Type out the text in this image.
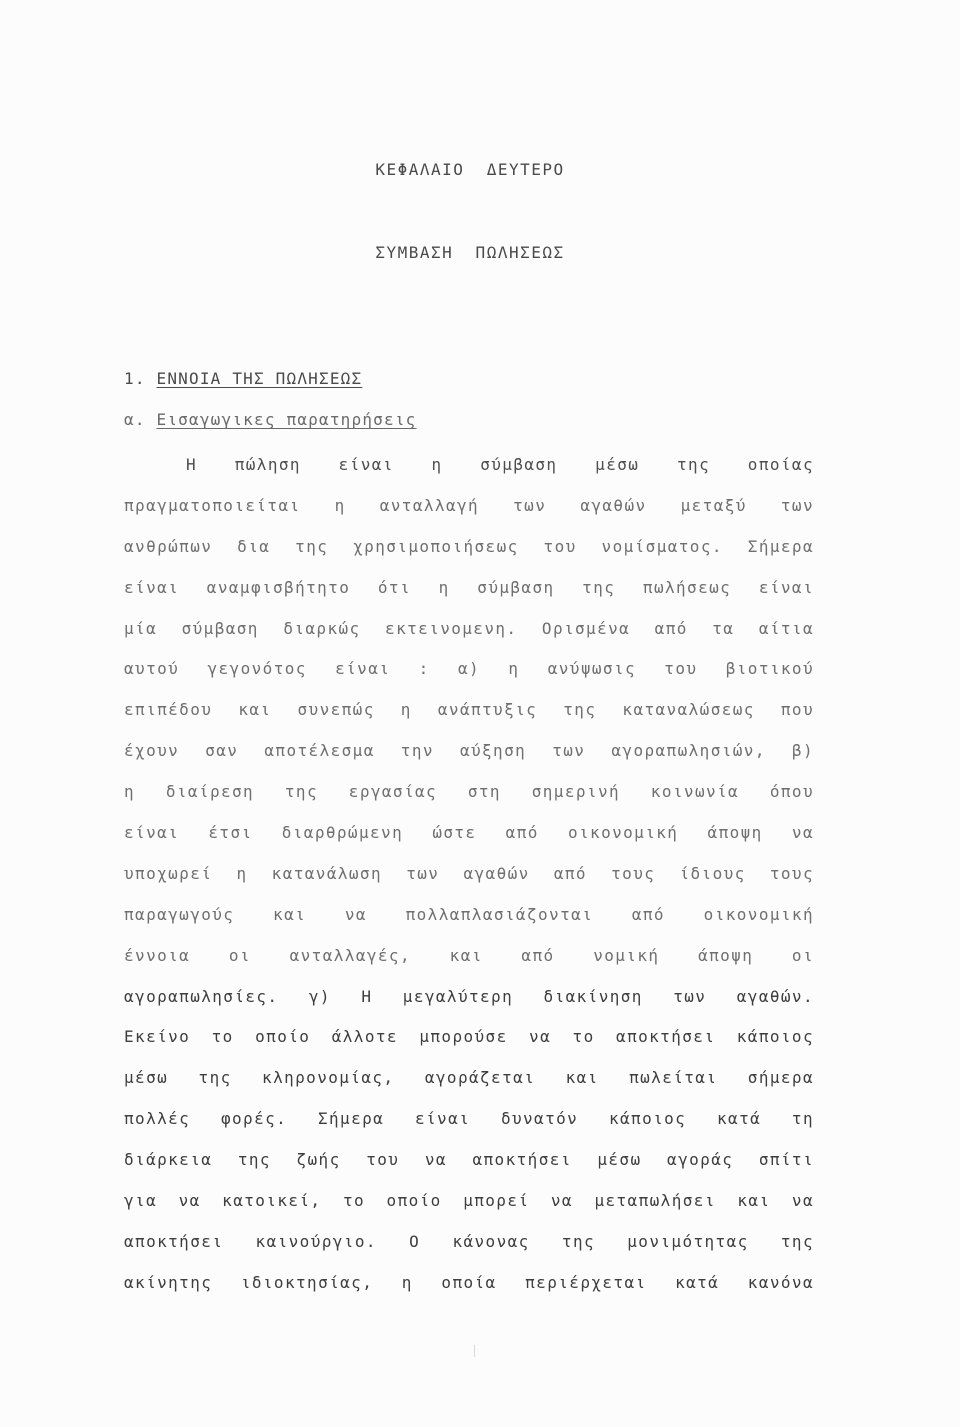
ΚΕΦΑΛΑΙΟ  ΔΕΥΤΕΡΟ
ΣΥΜΒΑΣΗ  ΠΩΛΗΣΕΩΣ
1. ΕΝΝΟΙΑ ΤΗΣ ΠΩΛΗΣΕΩΣ
α. Εισαγωγικες παρατηρήσεις
Η πώληση είναι η σύμβαση μέσω της οποίας
πραγματοποιείται η ανταλλαγή των αγαθών μεταξύ των
ανθρώπων δια της χρησιμοποιήσεως του νομίσματος. Σήμερα
είναι αναμφισβήτητο ότι η σύμβαση της πωλήσεως είναι
μία σύμβαση διαρκώς εκτεινομενη. Ορισμένα από τα αίτια
αυτού γεγονότος είναι : α) η ανύψωσις του βιοτικού
επιπέδου και συνεπώς η ανάπτυξις της καταναλώσεως που
έχουν σαν αποτέλεσμα την αύξηση των αγοραπωλησιών, β)
η διαίρεση της εργασίας στη σημερινή κοινωνία όπου
είναι έτσι διαρθρώμενη ώστε από οικονομική άποψη να
υποχωρεί η κατανάλωση των αγαθών από τους ίδιους τους
παραγωγούς και να πολλαπλασιάζονται από οικονομική
έννοια οι ανταλλαγές, και από νομική άποψη οι
αγοραπωλησίες. γ) Η μεγαλύτερη διακίνηση των αγαθών.
Εκείνο το οποίο άλλοτε μπορούσε να το αποκτήσει κάποιος
μέσω της κληρονομίας, αγοράζεται και πωλείται σήμερα
πολλές φορές. Σήμερα είναι δυνατόν κάποιος κατά τη
διάρκεια της ζωής του να αποκτήσει μέσω αγοράς σπίτι
για να κατοικεί, το οποίο μπορεί να μεταπωλήσει και να
αποκτήσει καινούργιο. Ο κάνονας της μονιμότητας της
ακίνητης ιδιοκτησίας, η οποία περιέρχεται κατά κανόνα
